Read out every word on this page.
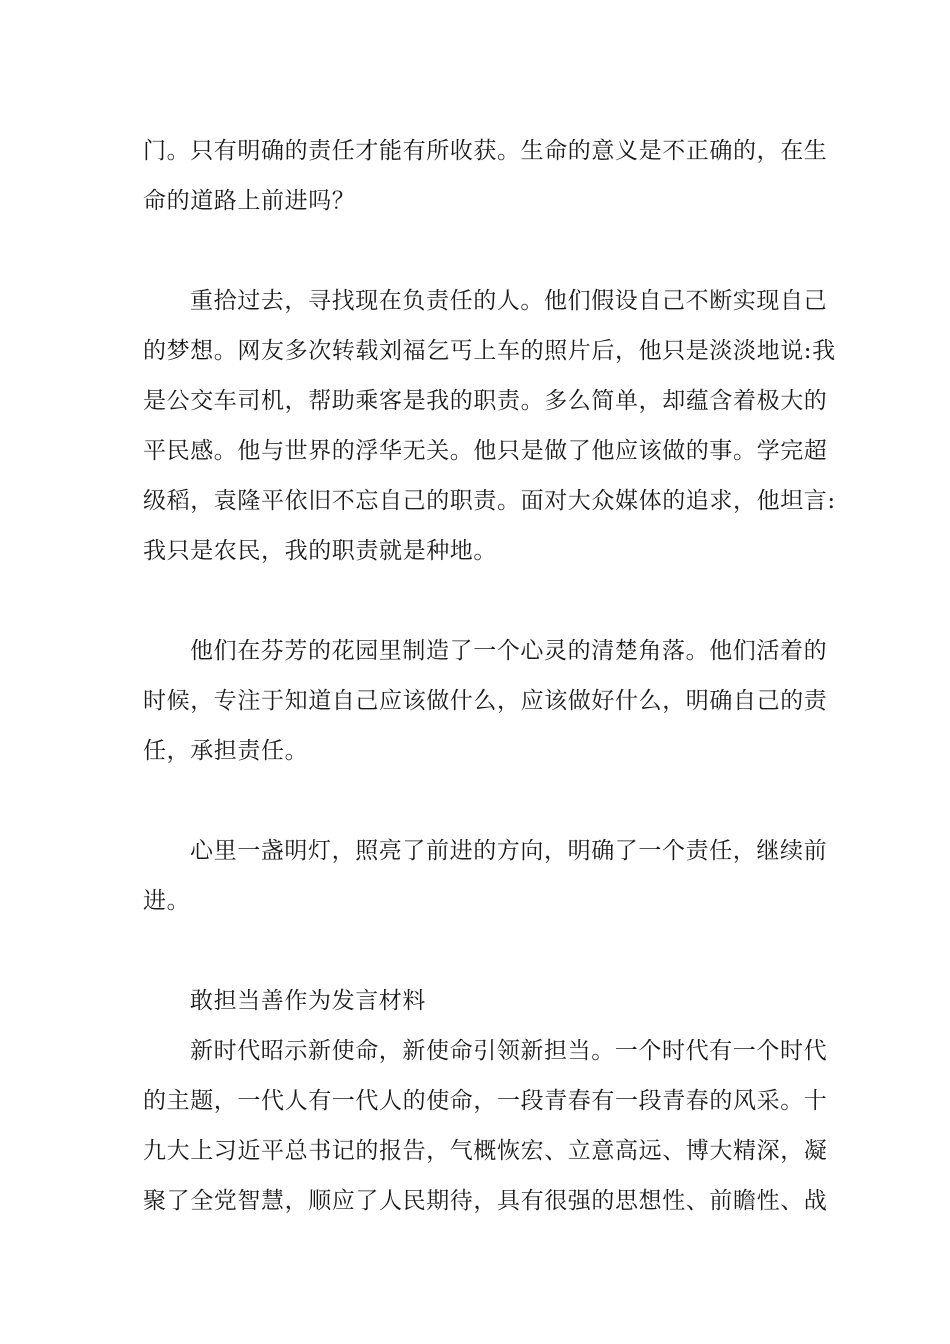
门。只有明确的责任才能有所收获。生命的意义是不正确的，在生
命的道路上前进吗？
重拾过去，寻找现在负责任的人。他们假设自己不断实现自己
的梦想。网友多次转载刘福乞丐上车的照片后，他只是淡淡地说:我
是公交车司机，帮助乘客是我的职责。多么简单，却蕴含着极大的
平民感。他与世界的浮华无关。他只是做了他应该做的事。学完超
级稻，袁隆平依旧不忘自己的职责。面对大众媒体的追求，他坦言:
我只是农民，我的职责就是种地。
他们在芬芳的花园里制造了一个心灵的清楚角落。他们活着的
时候，专注于知道自己应该做什么，应该做好什么，明确自己的责
任，承担责任。
心里一盏明灯，照亮了前进的方向，明确了一个责任，继续前
进。
敢担当善作为发言材料
新时代昭示新使命，新使命引领新担当。一个时代有一个时代
的主题，一代人有一代人的使命，一段青春有一段青春的风采。十
九大上习近平总书记的报告，气概恢宏、立意高远、博大精深，凝
聚了全党智慧，顺应了人民期待，具有很强的思想性、前瞻性、战
